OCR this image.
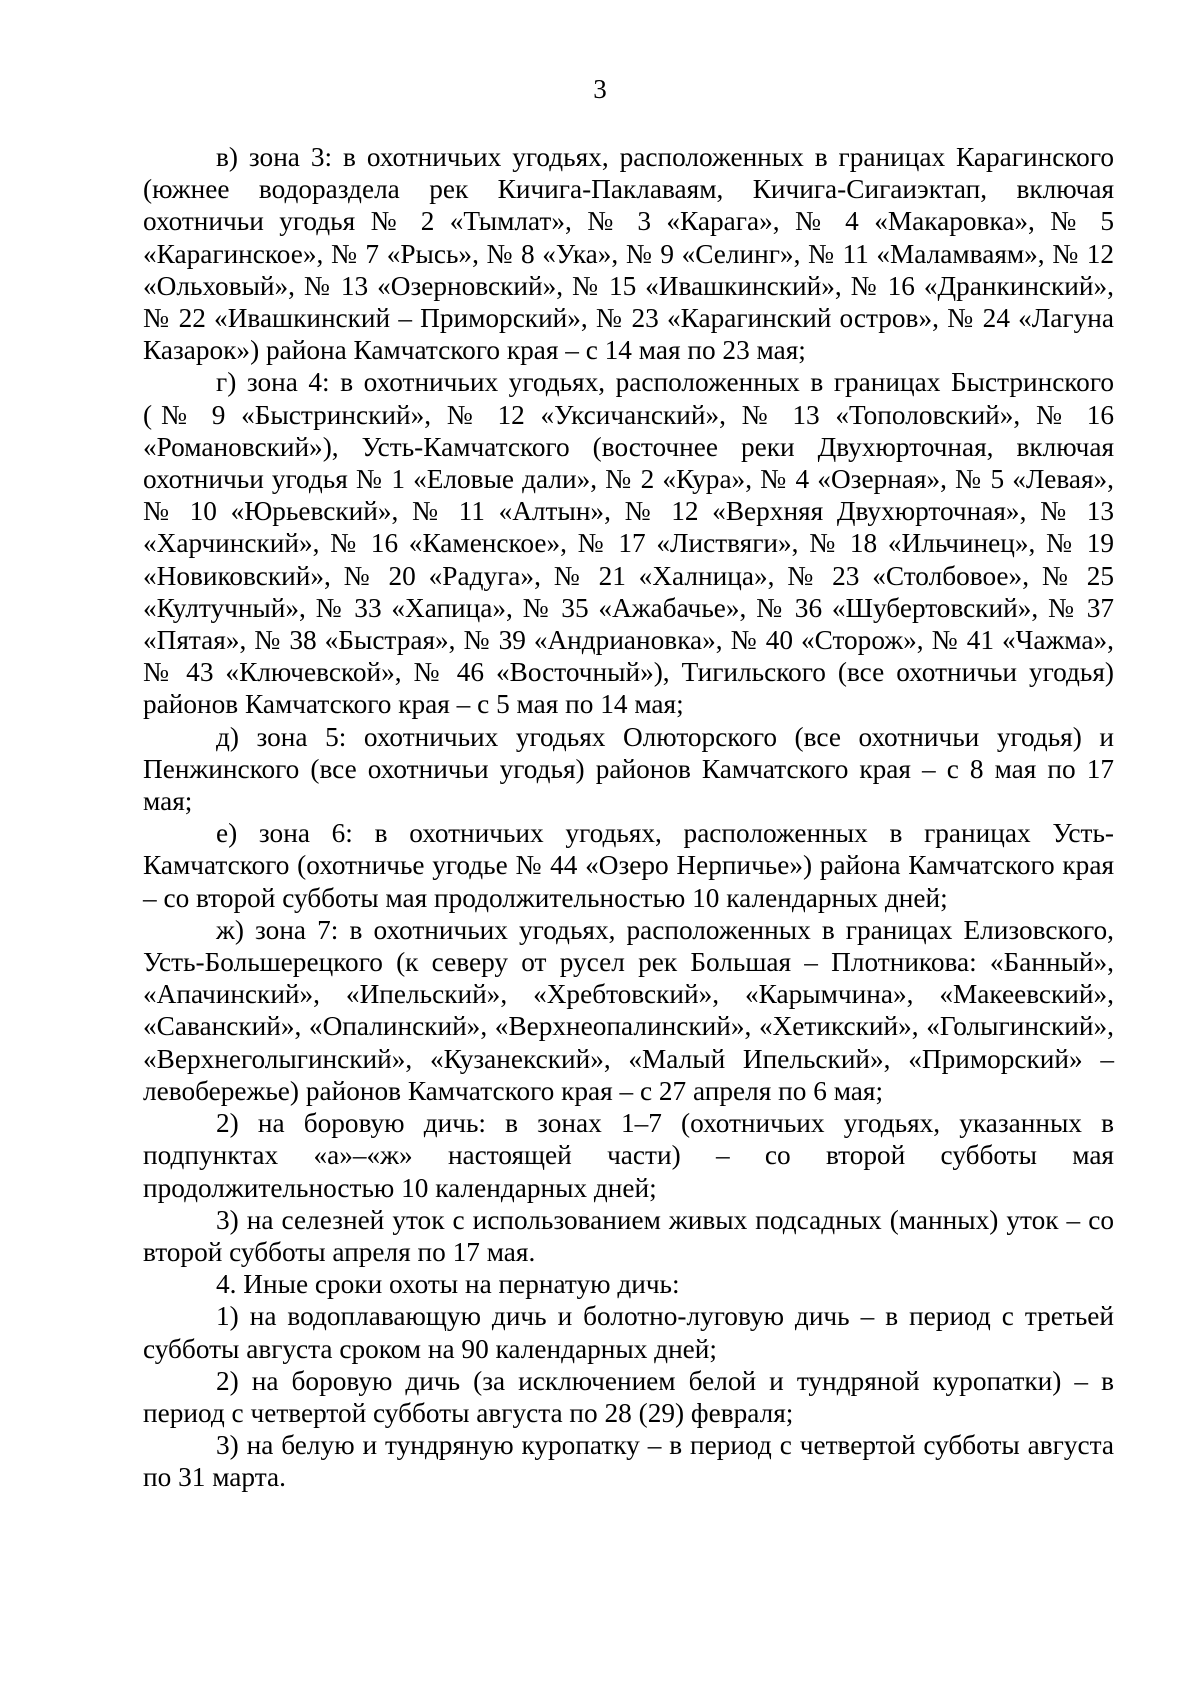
3

в) зона 3: в охотничьих угодьях, расположенных в границах Карагинского (южнее водораздела рек Кичига-Паклаваям, Кичига-Сигаиэктап, включая охотничьи угодья № 2 «Тымлат», № 3 «Карага», № 4 «Макаровка», № 5 «Карагинское», № 7 «Рысь», № 8 «Ука», № 9 «Селинг», № 11 «Маламваям», № 12 «Ольховый», № 13 «Озерновский», № 15 «Ивашкинский», № 16 «Дранкинский», № 22 «Ивашкинский – Приморский», № 23 «Карагинский остров», № 24 «Лагуна Казарок») района Камчатского края – с 14 мая по 23 мая;

г) зона 4: в охотничьих угодьях, расположенных в границах Быстринского (№ 9 «Быстринский», № 12 «Уксичанский», № 13 «Тополовский», № 16 «Романовский»), Усть-Камчатского (восточнее реки Двухюрточная, включая охотничьи угодья № 1 «Еловые дали», № 2 «Кура», № 4 «Озерная», № 5 «Левая», № 10 «Юрьевский», № 11 «Алтын», № 12 «Верхняя Двухюрточная», № 13 «Харчинский», № 16 «Каменское», № 17 «Листвяги», № 18 «Ильчинец», № 19 «Новиковский», № 20 «Радуга», № 21 «Халница», № 23 «Столбовое», № 25 «Култучный», № 33 «Хапица», № 35 «Ажабачье», № 36 «Шубертовский», № 37 «Пятая», № 38 «Быстрая», № 39 «Андриановка», № 40 «Сторож», № 41 «Чажма», № 43 «Ключевской», № 46 «Восточный»), Тигильского (все охотничьи угодья) районов Камчатского края – с 5 мая по 14 мая;

д) зона 5: охотничьих угодьях Олюторского (все охотничьи угодья) и Пенжинского (все охотничьи угодья) районов Камчатского края – с 8 мая по 17 мая;

е) зона 6: в охотничьих угодьях, расположенных в границах Усть-Камчатского (охотничье угодье № 44 «Озеро Нерпичье») района Камчатского края – со второй субботы мая продолжительностью 10 календарных дней;

ж) зона 7: в охотничьих угодьях, расположенных в границах Елизовского, Усть-Большерецкого (к северу от русел рек Большая – Плотникова: «Банный», «Апачинский», «Ипельский», «Хребтовский», «Карымчина», «Макеевский», «Саванский», «Опалинский», «Верхнеопалинский», «Хетикский», «Голыгинский», «Верхнеголыгинский», «Кузанекский», «Малый Ипельский», «Приморский» – левобережье) районов Камчатского края – с 27 апреля по 6 мая;

2) на боровую дичь: в зонах 1–7 (охотничьих угодьях, указанных в подпунктах «а»–«ж» настоящей части) – со второй субботы мая продолжительностью 10 календарных дней;

3) на селезней уток с использованием живых подсадных (манных) уток – со второй субботы апреля по 17 мая.

4. Иные сроки охоты на пернатую дичь:

1) на водоплавающую дичь и болотно-луговую дичь – в период с третьей субботы августа сроком на 90 календарных дней;

2) на боровую дичь (за исключением белой и тундряной куропатки) – в период с четвертой субботы августа по 28 (29) февраля;

3) на белую и тундряную куропатку – в период с четвертой субботы августа по 31 марта.
